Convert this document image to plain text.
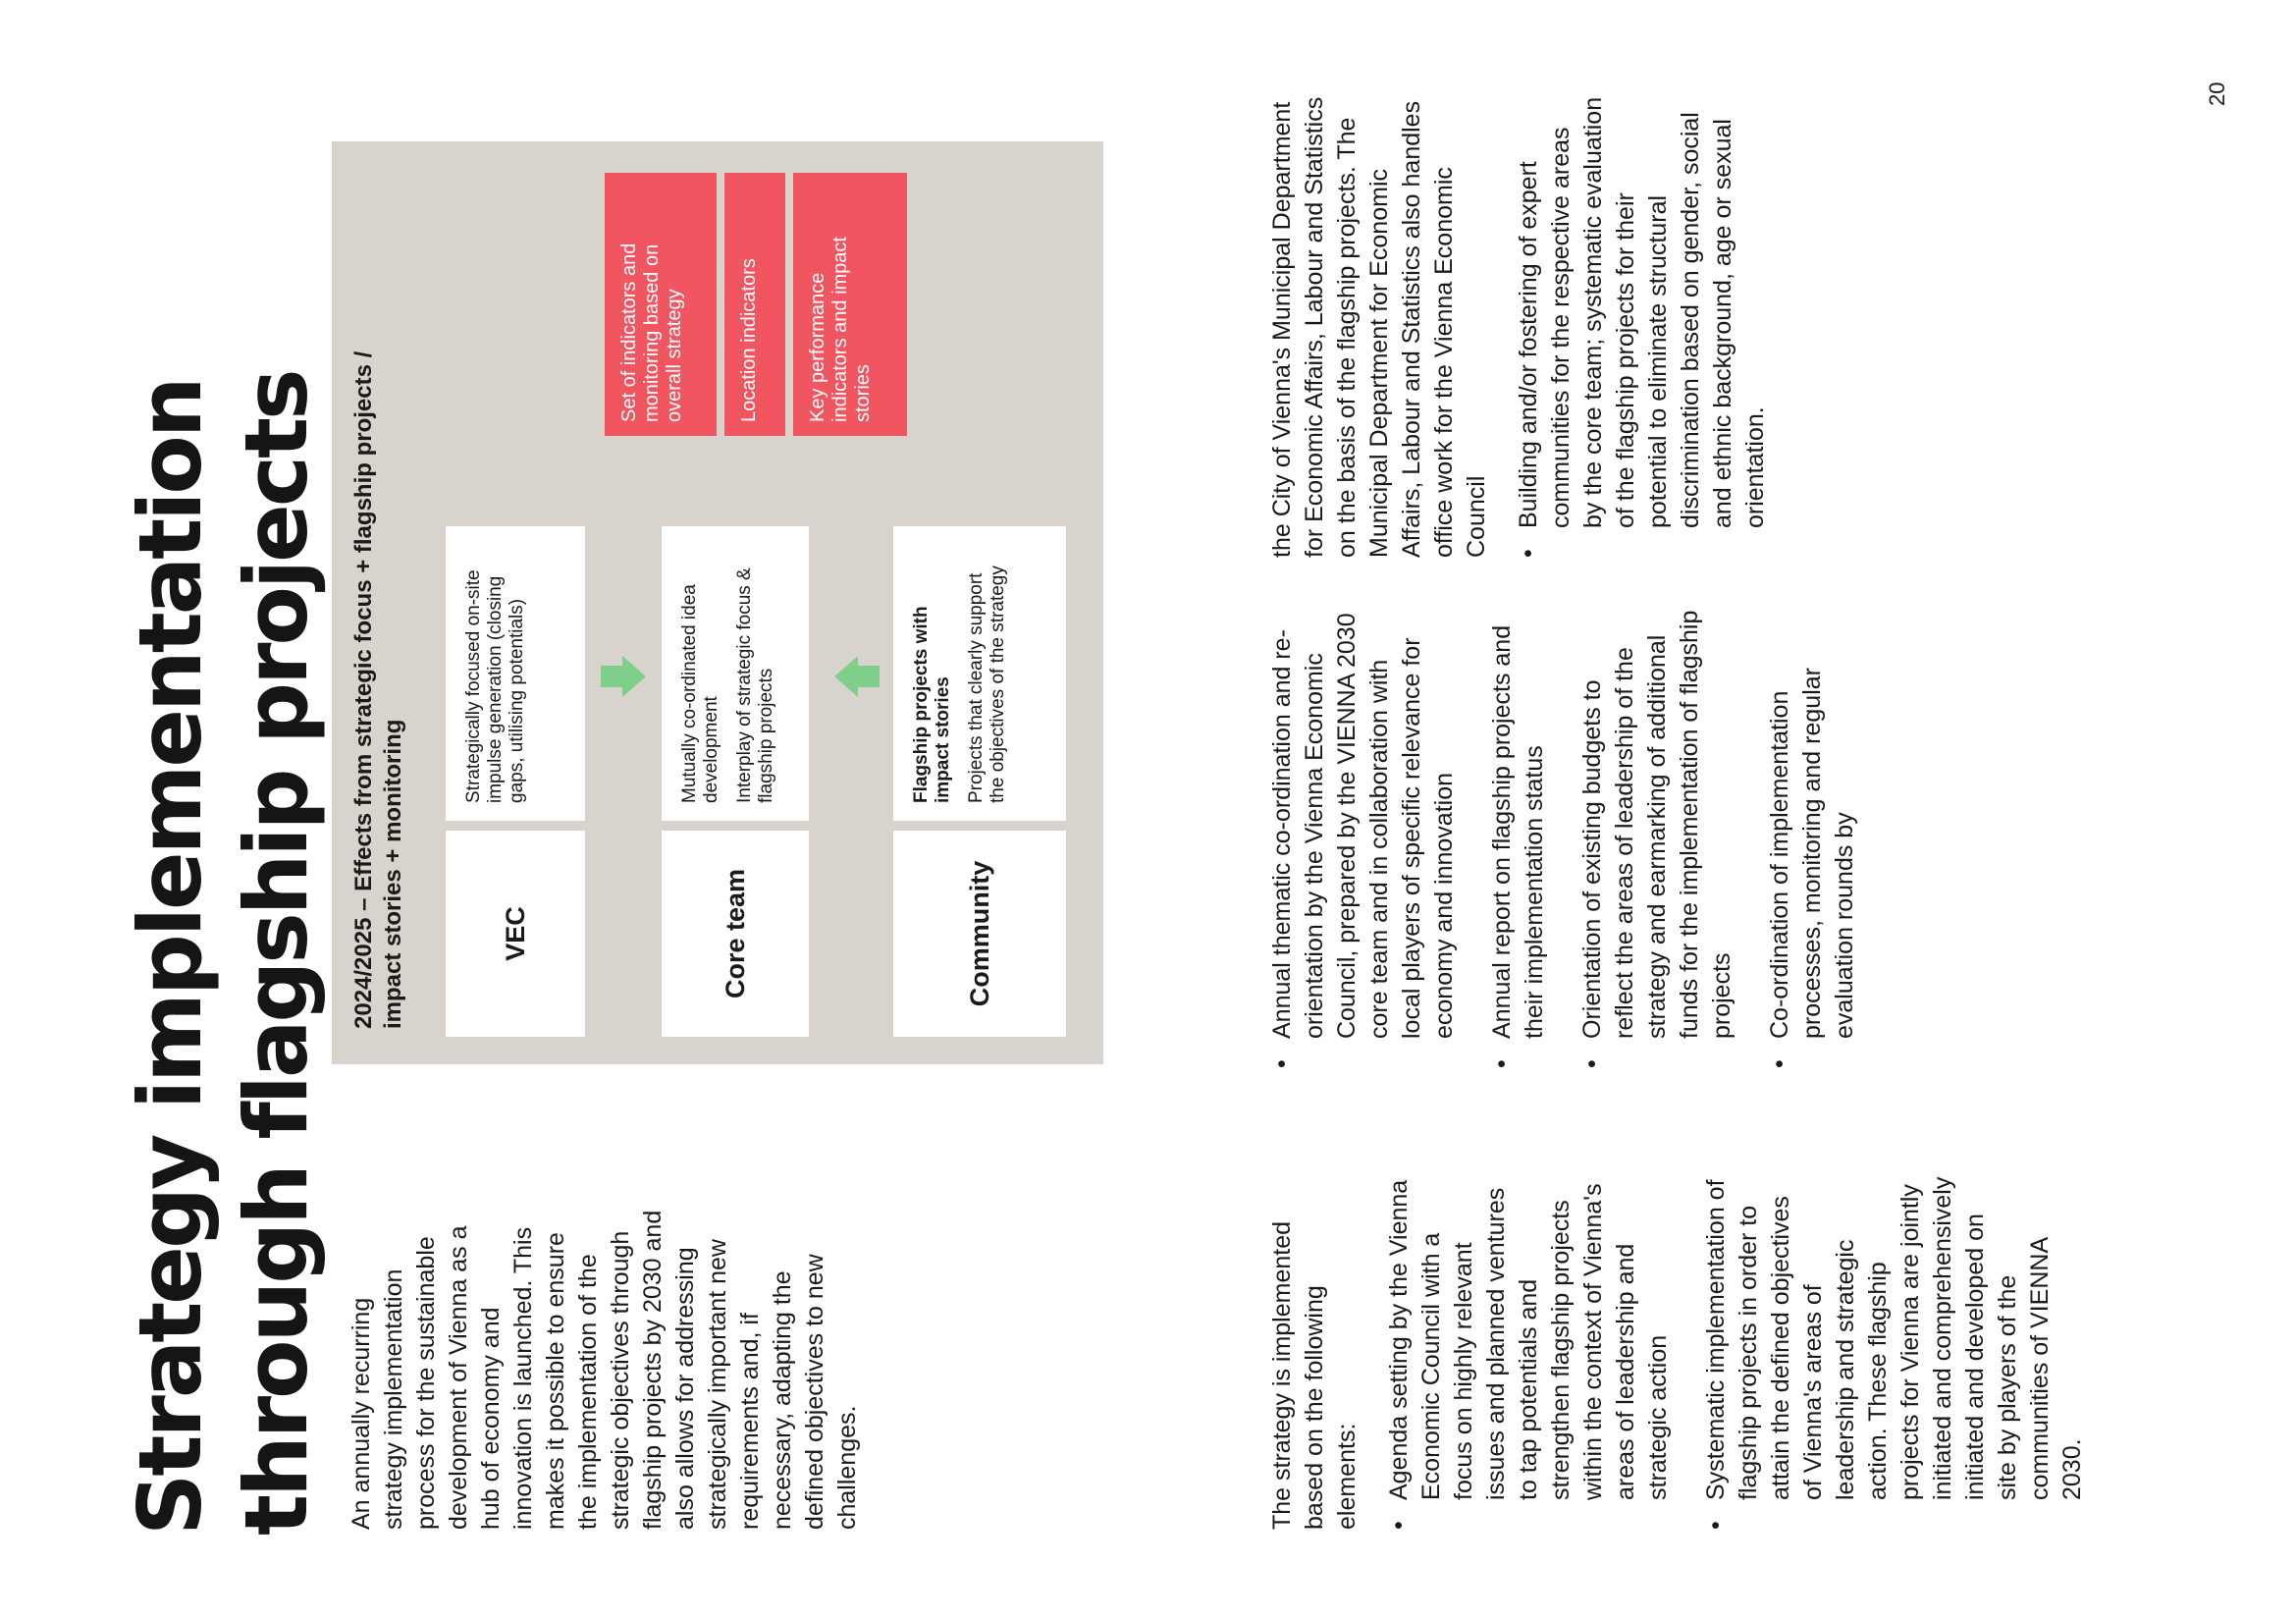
Strategy implementation through flagship projects An annually recurring strategy implementation process for the sustainable development of Vienna as a hub of economy and innovation is launched. This makes it possible to ensure the implementation of the strategic objectives through flagship projects by 2030 and also allows for addressing strategically important new requirements and, if necessary, adapting the defined objectives to new challenges.
2024/2025 – Effects from strategic focus + flagship projects / impact stories + monitoring	VEC

Strategically focused on-site impulse generation (closing gaps, utilising potentials)

Core team

Mutually co-ordinated idea development Interplay of strategic focus & flagship projects

Community

Flagship projects with impact stories Projects that clearly support the objectives of the strategy

Set of indicators and monitoring based on overall strategy	Location indicators	Key performance indicators and impact stories

The strategy is implemented based on the following elements: • Agenda setting by the Vienna Economic Council with a focus on highly relevant issues and planned ventures to tap potentials and strengthen flagship projects within the context of Vienna's areas of leadership and strategic action • Systematic implementation of flagship projects in order to attain the defined objectives of Vienna's areas of leadership and strategic action. These flagship projects for Vienna are jointly initiated and comprehensively initiated and developed on site by players of the communities of VIENNA 2030.
• Annual thematic co-ordination and re-orientation by the Vienna Economic Council, prepared by the VIENNA 2030 core team and in collaboration with local players of specific relevance for economy and innovation • Annual report on flagship projects and their implementation status • Orientation of existing budgets to reflect the areas of leadership of the strategy and earmarking of additional funds for the implementation of flagship projects • Co-ordination of implementation processes, monitoring and regular evaluation rounds by

the City of Vienna's Municipal Department for Economic Affairs, Labour and Statistics on the basis of the flagship projects. The Municipal Department for Economic Affairs, Labour and Statistics also handles office work for the Vienna Economic Council • Building and/or fostering of expert communities for the respective areas by the core team; systematic evaluation of the flagship projects for their potential to eliminate structural discrimination based on gender, social and ethnic background, age or sexual orientation.
20
